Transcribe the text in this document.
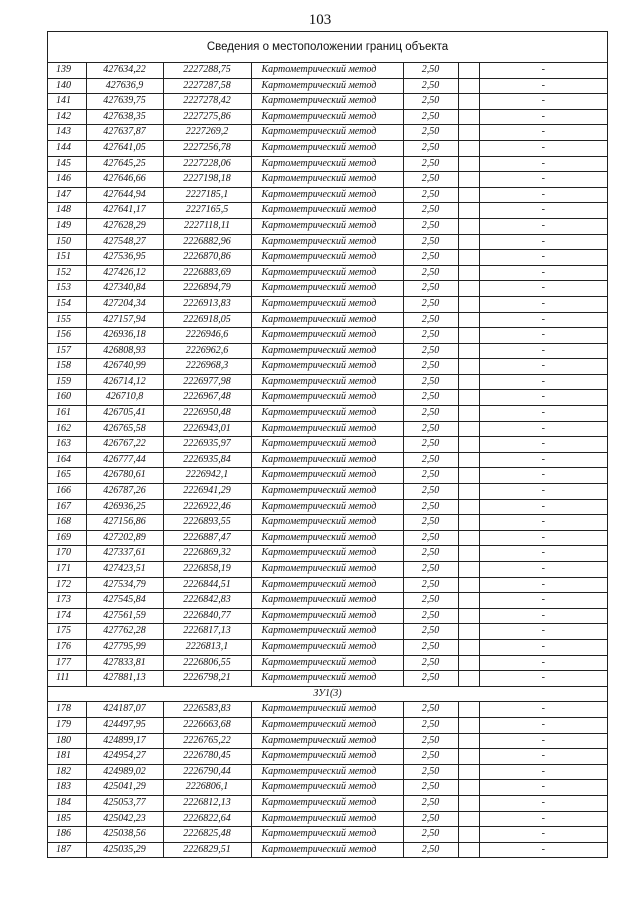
103
Сведения о местоположении границ объекта
139	427634,22	2227288,75	Картометрический метод	2,50		-
140	427636,9	2227287,58	Картометрический метод	2,50		-
141	427639,75	2227278,42	Картометрический метод	2,50		-
142	427638,35	2227275,86	Картометрический метод	2,50		-
143	427637,87	2227269,2	Картометрический метод	2,50		-
144	427641,05	2227256,78	Картометрический метод	2,50		-
145	427645,25	2227228,06	Картометрический метод	2,50		-
146	427646,66	2227198,18	Картометрический метод	2,50		-
147	427644,94	2227185,1	Картометрический метод	2,50		-
148	427641,17	2227165,5	Картометрический метод	2,50		-
149	427628,29	2227118,11	Картометрический метод	2,50		-
150	427548,27	2226882,96	Картометрический метод	2,50		-
151	427536,95	2226870,86	Картометрический метод	2,50		-
152	427426,12	2226883,69	Картометрический метод	2,50		-
153	427340,84	2226894,79	Картометрический метод	2,50		-
154	427204,34	2226913,83	Картометрический метод	2,50		-
155	427157,94	2226918,05	Картометрический метод	2,50		-
156	426936,18	2226946,6	Картометрический метод	2,50		-
157	426808,93	2226962,6	Картометрический метод	2,50		-
158	426740,99	2226968,3	Картометрический метод	2,50		-
159	426714,12	2226977,98	Картометрический метод	2,50		-
160	426710,8	2226967,48	Картометрический метод	2,50		-
161	426705,41	2226950,48	Картометрический метод	2,50		-
162	426765,58	2226943,01	Картометрический метод	2,50		-
163	426767,22	2226935,97	Картометрический метод	2,50		-
164	426777,44	2226935,84	Картометрический метод	2,50		-
165	426780,61	2226942,1	Картометрический метод	2,50		-
166	426787,26	2226941,29	Картометрический метод	2,50		-
167	426936,25	2226922,46	Картометрический метод	2,50		-
168	427156,86	2226893,55	Картометрический метод	2,50		-
169	427202,89	2226887,47	Картометрический метод	2,50		-
170	427337,61	2226869,32	Картометрический метод	2,50		-
171	427423,51	2226858,19	Картометрический метод	2,50		-
172	427534,79	2226844,51	Картометрический метод	2,50		-
173	427545,84	2226842,83	Картометрический метод	2,50		-
174	427561,59	2226840,77	Картометрический метод	2,50		-
175	427762,28	2226817,13	Картометрический метод	2,50		-
176	427795,99	2226813,1	Картометрический метод	2,50		-
177	427833,81	2226806,55	Картометрический метод	2,50		-
111	427881,13	2226798,21	Картометрический метод	2,50		-
ЗУ1(3)						
178	424187,07	2226583,83	Картометрический метод	2,50		-
179	424497,95	2226663,68	Картометрический метод	2,50		-
180	424899,17	2226765,22	Картометрический метод	2,50		-
181	424954,27	2226780,45	Картометрический метод	2,50		-
182	424989,02	2226790,44	Картометрический метод	2,50		-
183	425041,29	2226806,1	Картометрический метод	2,50		-
184	425053,77	2226812,13	Картометрический метод	2,50		-
185	425042,23	2226822,64	Картометрический метод	2,50		-
186	425038,56	2226825,48	Картометрический метод	2,50		-
187	425035,29	2226829,51	Картометрический метод	2,50		-
